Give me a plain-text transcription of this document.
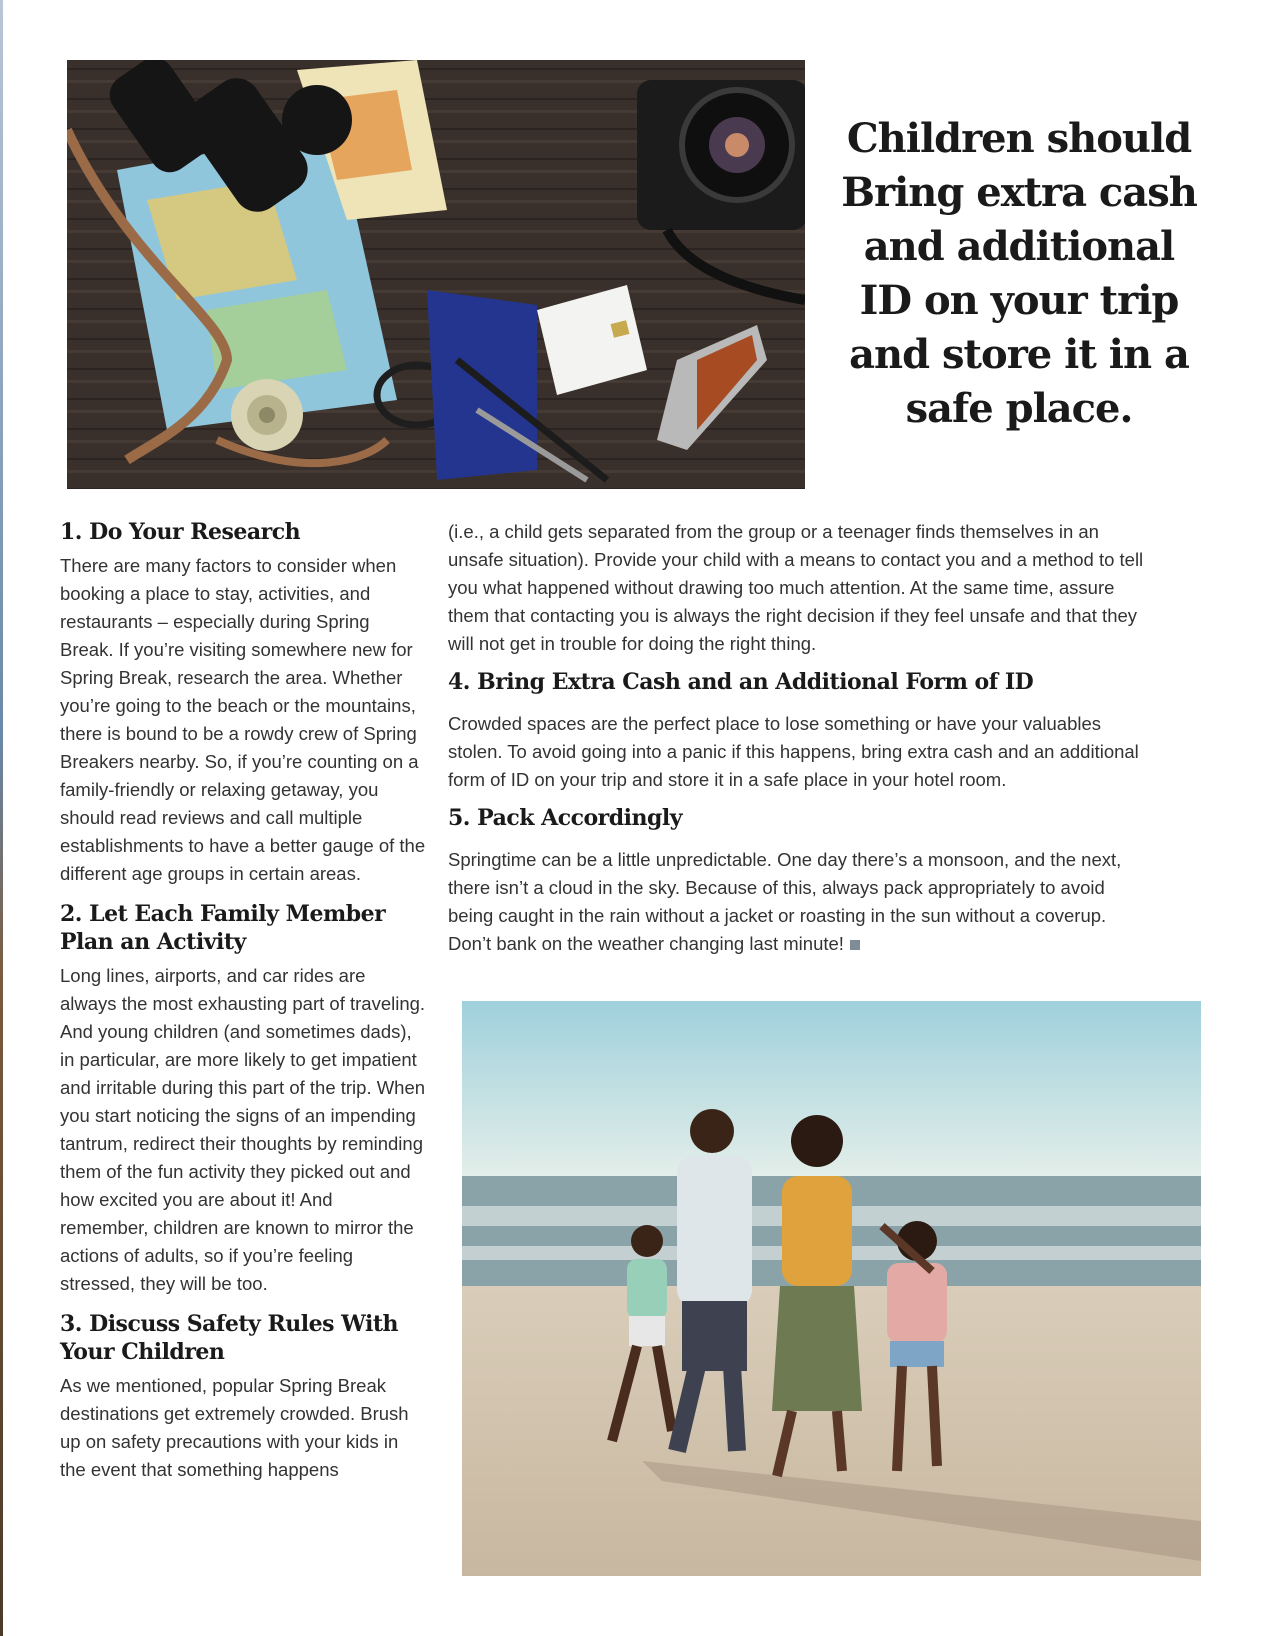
Children should Bring extra cash and additional ID on your trip and store it in a safe place.
1. Do Your Research

There are many factors to consider when booking a place to stay, activities, and restaurants – especially during Spring Break. If you’re visiting somewhere new for Spring Break, research the area. Whether you’re going to the beach or the mountains, there is bound to be a rowdy crew of Spring Breakers nearby. So, if you’re counting on a family-friendly or relaxing getaway, you should read reviews and call multiple establishments to have a better gauge of the different age groups in certain areas.

2. Let Each Family Member Plan an Activity

Long lines, airports, and car rides are always the most exhausting part of traveling. And young children (and sometimes dads), in particular, are more likely to get impatient and irritable during this part of the trip. When you start noticing the signs of an impending tantrum, redirect their thoughts by reminding them of the fun activity they picked out and how excited you are about it! And remember, children are known to mirror the actions of adults, so if you’re feeling stressed, they will be too.

3. Discuss Safety Rules With Your Children

As we mentioned, popular Spring Break destinations get extremely crowded. Brush up on safety precautions with your kids in the event that something happens

(i.e., a child gets separated from the group or a teenager finds themselves in an unsafe situation). Provide your child with a means to contact you and a method to tell you what happened without drawing too much attention. At the same time, assure them that contacting you is always the right decision if they feel unsafe and that they will not get in trouble for doing the right thing.

4. Bring Extra Cash and an Additional Form of ID

Crowded spaces are the perfect place to lose something or have your valuables stolen. To avoid going into a panic if this happens, bring extra cash and an additional form of ID on your trip and store it in a safe place in your hotel room.

5. Pack Accordingly

Springtime can be a little unpredictable. One day there’s a monsoon, and the next, there isn’t a cloud in the sky. Because of this, always pack appropriately to avoid being caught in the rain without a jacket or roasting in the sun without a coverup. Don’t bank on the weather changing last minute!
